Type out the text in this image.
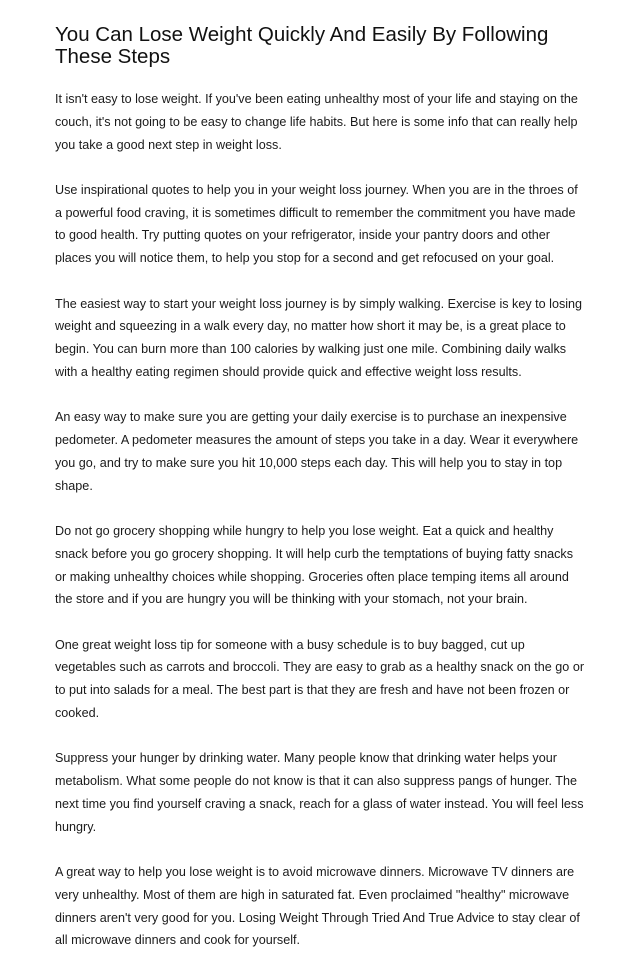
You Can Lose Weight Quickly And Easily By Following These Steps

It isn't easy to lose weight. If you've been eating unhealthy most of your life and staying on the couch, it's not going to be easy to change life habits. But here is some info that can really help you take a good next step in weight loss.

Use inspirational quotes to help you in your weight loss journey. When you are in the throes of a powerful food craving, it is sometimes difficult to remember the commitment you have made to good health. Try putting quotes on your refrigerator, inside your pantry doors and other places you will notice them, to help you stop for a second and get refocused on your goal.

The easiest way to start your weight loss journey is by simply walking. Exercise is key to losing weight and squeezing in a walk every day, no matter how short it may be, is a great place to begin. You can burn more than 100 calories by walking just one mile. Combining daily walks with a healthy eating regimen should provide quick and effective weight loss results.

An easy way to make sure you are getting your daily exercise is to purchase an inexpensive pedometer. A pedometer measures the amount of steps you take in a day. Wear it everywhere you go, and try to make sure you hit 10,000 steps each day. This will help you to stay in top shape.

Do not go grocery shopping while hungry to help you lose weight. Eat a quick and healthy snack before you go grocery shopping. It will help curb the temptations of buying fatty snacks or making unhealthy choices while shopping. Groceries often place temping items all around the store and if you are hungry you will be thinking with your stomach, not your brain.

One great weight loss tip for someone with a busy schedule is to buy bagged, cut up vegetables such as carrots and broccoli. They are easy to grab as a healthy snack on the go or to put into salads for a meal. The best part is that they are fresh and have not been frozen or cooked.

Suppress your hunger by drinking water. Many people know that drinking water helps your metabolism. What some people do not know is that it can also suppress pangs of hunger. The next time you find yourself craving a snack, reach for a glass of water instead. You will feel less hungry.

A great way to help you lose weight is to avoid microwave dinners. Microwave TV dinners are very unhealthy. Most of them are high in saturated fat. Even proclaimed "healthy" microwave dinners aren't very good for you. Losing Weight Through Tried And True Advice to stay clear of all microwave dinners and cook for yourself.
